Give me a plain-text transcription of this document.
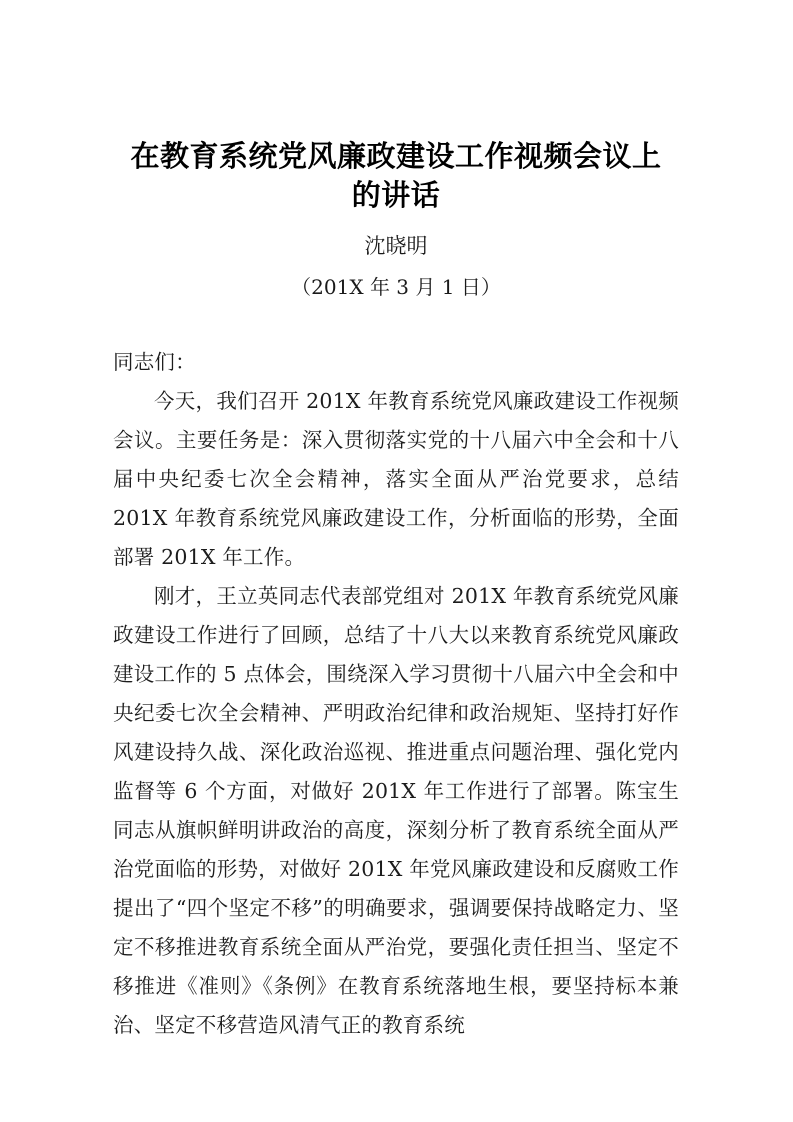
在教育系统党风廉政建设工作视频会议上
的讲话

沈晓明

（201X 年 3 月 1 日）

同志们：

今天，我们召开 201X 年教育系统党风廉政建设工作视频会议。主要任务是：深入贯彻落实党的十八届六中全会和十八届中央纪委七次全会精神，落实全面从严治党要求，总结 201X 年教育系统党风廉政建设工作，分析面临的形势，全面部署 201X 年工作。

刚才，王立英同志代表部党组对 201X 年教育系统党风廉政建设工作进行了回顾，总结了十八大以来教育系统党风廉政建设工作的 5 点体会，围绕深入学习贯彻十八届六中全会和中央纪委七次全会精神、严明政治纪律和政治规矩、坚持打好作风建设持久战、深化政治巡视、推进重点问题治理、强化党内监督等 6 个方面，对做好 201X 年工作进行了部署。陈宝生同志从旗帜鲜明讲政治的高度，深刻分析了教育系统全面从严治党面临的形势，对做好 201X 年党风廉政建设和反腐败工作提出了“四个坚定不移”的明确要求，强调要保持战略定力、坚定不移推进教育系统全面从严治党，要强化责任担当、坚定不移推进《准则》《条例》在教育系统落地生根，要坚持标本兼治、坚定不移营造风清气正的教育系统
